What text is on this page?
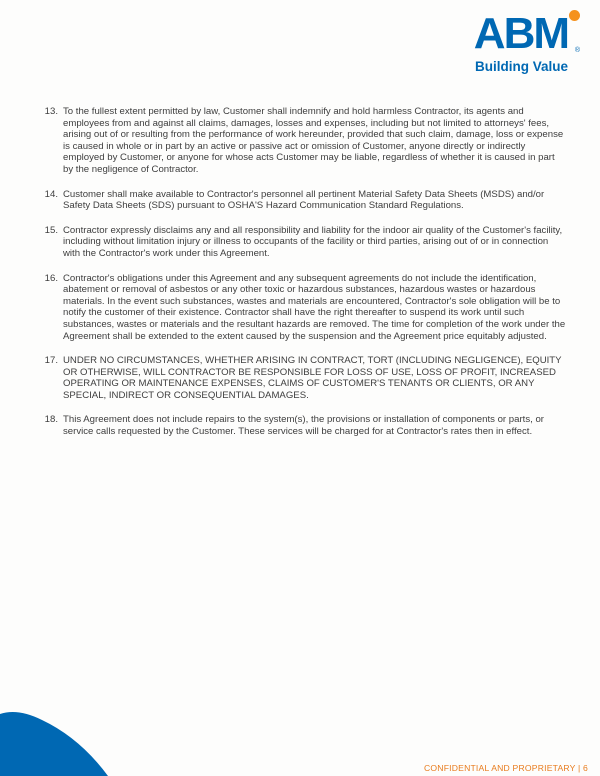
ABM ®
Building Value
13. To the fullest extent permitted by law, Customer shall indemnify and hold harmless Contractor, its agents and employees from and against all claims, damages, losses and expenses, including but not limited to attorneys' fees, arising out of or resulting from the performance of work hereunder, provided that such claim, damage, loss or expense is caused in whole or in part by an active or passive act or omission of Customer, anyone directly or indirectly employed by Customer, or anyone for whose acts Customer may be liable, regardless of whether it is caused in part by the negligence of Contractor.
14. Customer shall make available to Contractor's personnel all pertinent Material Safety Data Sheets (MSDS) and/or Safety Data Sheets (SDS) pursuant to OSHA'S Hazard Communication Standard Regulations.
15. Contractor expressly disclaims any and all responsibility and liability for the indoor air quality of the Customer's facility, including without limitation injury or illness to occupants of the facility or third parties, arising out of or in connection with the Contractor's work under this Agreement.
16. Contractor's obligations under this Agreement and any subsequent agreements do not include the identification, abatement or removal of asbestos or any other toxic or hazardous substances, hazardous wastes or hazardous materials. In the event such substances, wastes and materials are encountered, Contractor's sole obligation will be to notify the customer of their existence. Contractor shall have the right thereafter to suspend its work until such substances, wastes or materials and the resultant hazards are removed. The time for completion of the work under the Agreement shall be extended to the extent caused by the suspension and the Agreement price equitably adjusted.
17. UNDER NO CIRCUMSTANCES, WHETHER ARISING IN CONTRACT, TORT (INCLUDING NEGLIGENCE), EQUITY OR OTHERWISE, WILL CONTRACTOR BE RESPONSIBLE FOR LOSS OF USE, LOSS OF PROFIT, INCREASED OPERATING OR MAINTENANCE EXPENSES, CLAIMS OF CUSTOMER'S TENANTS OR CLIENTS, OR ANY SPECIAL, INDIRECT OR CONSEQUENTIAL DAMAGES.
18. This Agreement does not include repairs to the system(s), the provisions or installation of components or parts, or service calls requested by the Customer. These services will be charged for at Contractor's rates then in effect.
CONFIDENTIAL AND PROPRIETARY | 6
